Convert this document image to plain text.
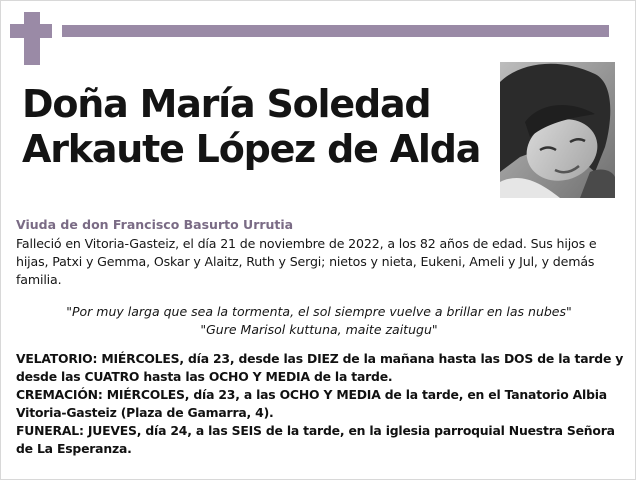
Doña María Soledad
Arkaute López de Alda
Viuda de don Francisco Basurto Urrutia
Falleció en Vitoria-Gasteiz, el día 21 de noviembre de 2022, a los 82 años de edad. Sus hijos e hijas, Patxi y Gemma, Oskar y Alaitz, Ruth y Sergi; nietos y nieta, Eukeni, Ameli y Jul, y demás familia.
"Por muy larga que sea la tormenta, el sol siempre vuelve a brillar en las nubes"
"Gure Marisol kuttuna, maite zaitugu"

VELATORIO: MIÉRCOLES, día 23, desde las DIEZ de la mañana hasta las DOS de la tarde y desde las CUATRO hasta las OCHO Y MEDIA de la tarde.

CREMACIÓN: MIÉRCOLES, día 23, a las OCHO Y MEDIA de la tarde, en el Tanatorio Albia Vitoria-Gasteiz (Plaza de Gamarra, 4).

FUNERAL: JUEVES, día 24, a las SEIS de la tarde, en la iglesia parroquial Nuestra Señora de La Esperanza.
